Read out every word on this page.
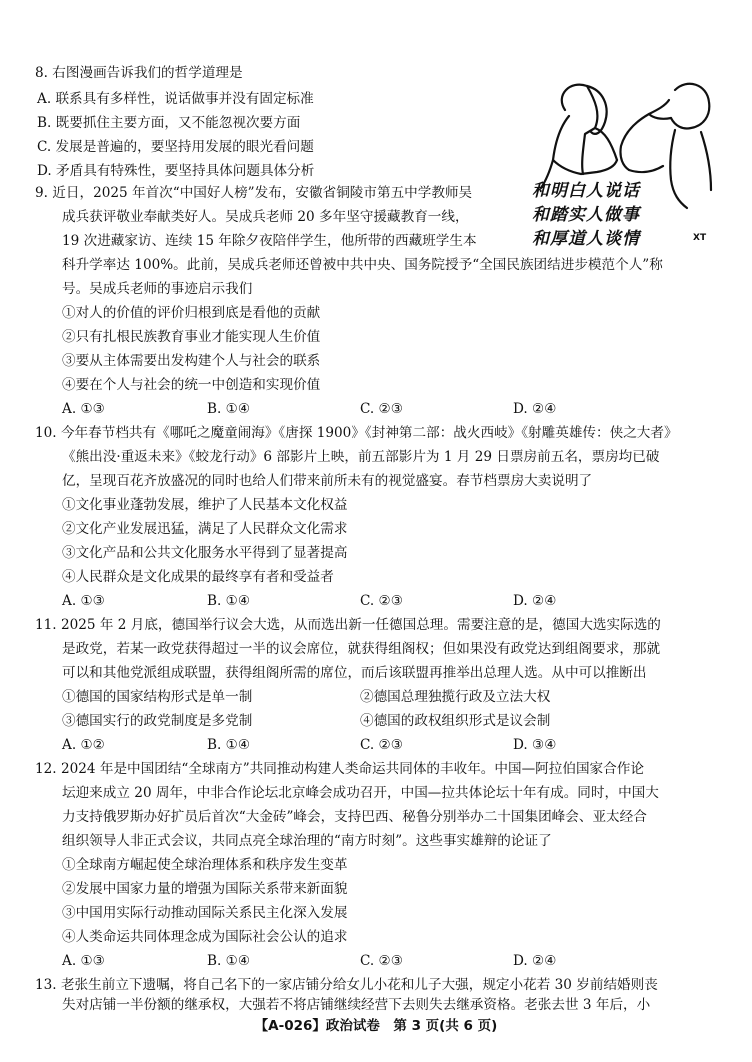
8. 右图漫画告诉我们的哲学道理是
A. 联系具有多样性，说话做事并没有固定标准
B. 既要抓住主要方面，又不能忽视次要方面
C. 发展是普遍的，要坚持用发展的眼光看问题
D. 矛盾具有特殊性，要坚持具体问题具体分析
XT
和明白人说话
和踏实人做事
和厚道人谈情
9. 近日，2025 年首次“中国好人榜”发布，安徽省铜陵市第五中学教师吴
成兵获评敬业奉献类好人。吴成兵老师 20 多年坚守援藏教育一线，
19 次进藏家访、连续 15 年除夕夜陪伴学生，他所带的西藏班学生本
科升学率达 100%。此前，吴成兵老师还曾被中共中央、国务院授予“全国民族团结进步模范个人”称
号。吴成兵老师的事迹启示我们
①对人的价值的评价归根到底是看他的贡献
②只有扎根民族教育事业才能实现人生价值
③要从主体需要出发构建个人与社会的联系
④要在个人与社会的统一中创造和实现价值
A. ①③	B. ①④	C. ②③	D. ②④
10. 今年春节档共有《哪吒之魔童闹海》《唐探 1900》《封神第二部：战火西岐》《射雕英雄传：侠之大者》
《熊出没·重返未来》《蛟龙行动》6 部影片上映，前五部影片为 1 月 29 日票房前五名，票房均已破
亿，呈现百花齐放盛况的同时也给人们带来前所未有的视觉盛宴。春节档票房大卖说明了
①文化事业蓬勃发展，维护了人民基本文化权益
②文化产业发展迅猛，满足了人民群众文化需求
③文化产品和公共文化服务水平得到了显著提高
④人民群众是文化成果的最终享有者和受益者
A. ①③	B. ①④	C. ②③	D. ②④
11. 2025 年 2 月底，德国举行议会大选，从而选出新一任德国总理。需要注意的是，德国大选实际选的
是政党，若某一政党获得超过一半的议会席位，就获得组阁权；但如果没有政党达到组阁要求，那就
可以和其他党派组成联盟，获得组阁所需的席位，而后该联盟再推举出总理人选。从中可以推断出
①德国的国家结构形式是单一制	②德国总理独揽行政及立法大权
③德国实行的政党制度是多党制	④德国的政权组织形式是议会制
A. ①②	B. ①④	C. ②③	D. ③④
12. 2024 年是中国团结“全球南方”共同推动构建人类命运共同体的丰收年。中国—阿拉伯国家合作论
坛迎来成立 20 周年，中非合作论坛北京峰会成功召开，中国—拉共体论坛十年有成。同时，中国大
力支持俄罗斯办好扩员后首次“大金砖”峰会，支持巴西、秘鲁分别举办二十国集团峰会、亚太经合
组织领导人非正式会议，共同点亮全球治理的“南方时刻”。这些事实雄辩的论证了
①全球南方崛起使全球治理体系和秩序发生变革
②发展中国家力量的增强为国际关系带来新面貌
③中国用实际行动推动国际关系民主化深入发展
④人类命运共同体理念成为国际社会公认的追求
A. ①③	B. ①④	C. ②③	D. ②④
13. 老张生前立下遗嘱，将自己名下的一家店铺分给女儿小花和儿子大强，规定小花若 30 岁前结婚则丧
失对店铺一半份额的继承权，大强若不将店铺继续经营下去则失去继承资格。老张去世 3 年后，小
【A-026】政治试卷　第 3 页(共 6 页)
